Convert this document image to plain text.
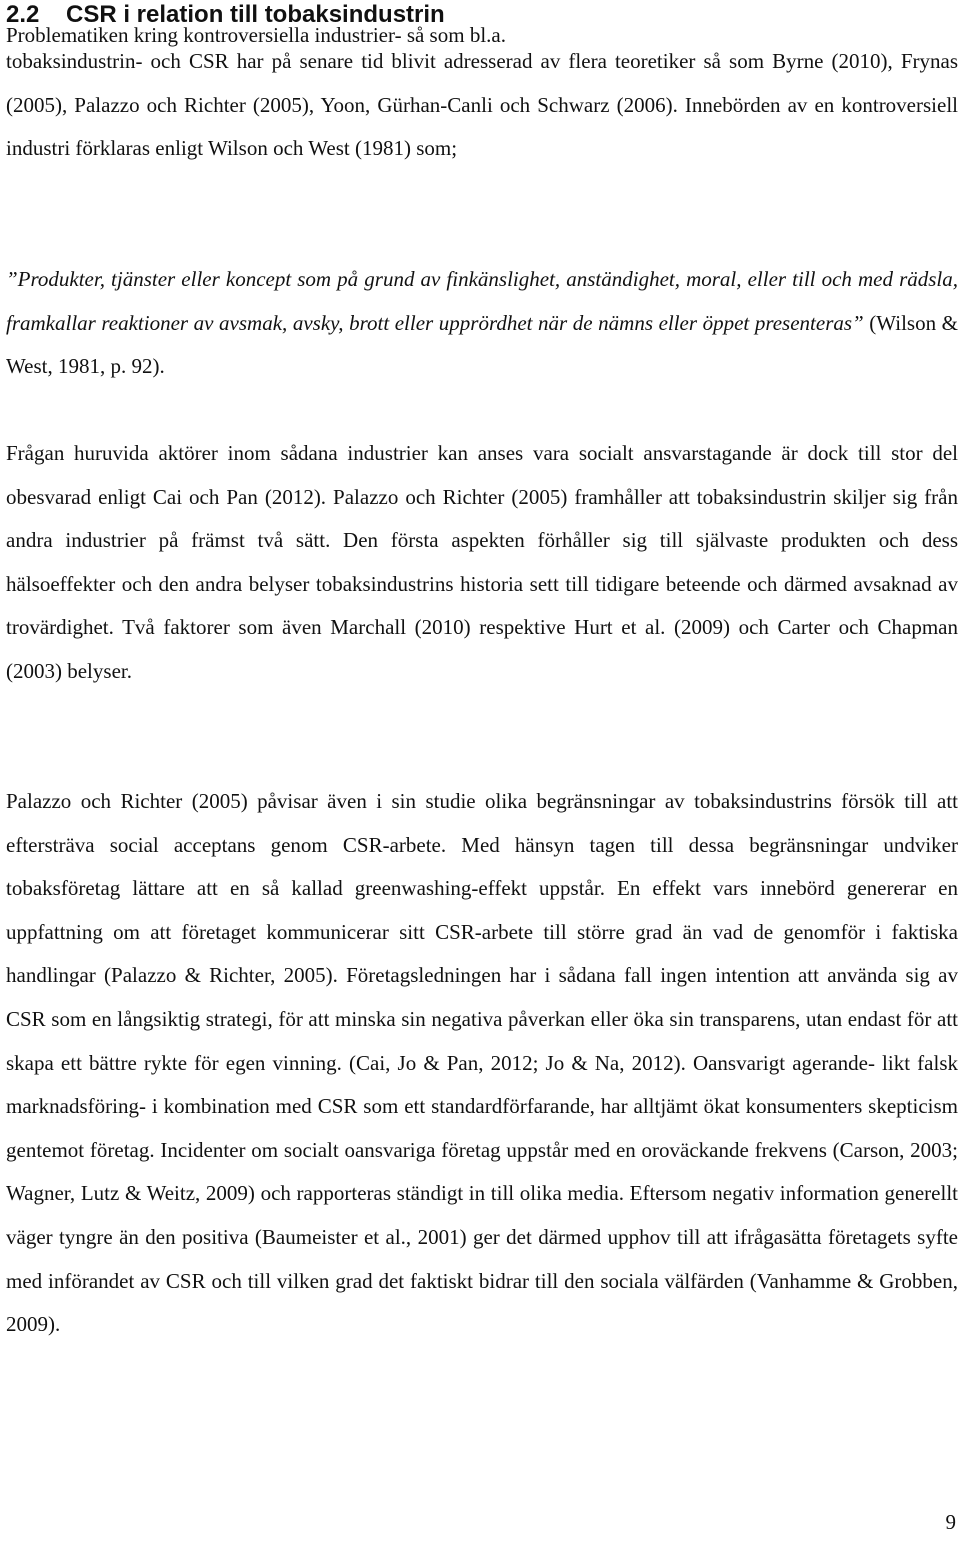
2.2 CSR i relation till tobaksindustrin

Problematiken kring kontroversiella industrier- så som bl.a.

tobaksindustrin- och CSR har på senare tid blivit adresserad av flera teoretiker så som Byrne (2010), Frynas (2005), Palazzo och Richter (2005), Yoon, Gürhan-Canli och Schwarz (2006). Innebörden av en kontroversiell industri förklaras enligt Wilson och West (1981) som;

”Produkter, tjänster eller koncept som på grund av finkänslighet, anständighet, moral, eller till och med rädsla, framkallar reaktioner av avsmak, avsky, brott eller upprördhet när de nämns eller öppet presenteras” (Wilson & West, 1981, p. 92).

Frågan huruvida aktörer inom sådana industrier kan anses vara socialt ansvarstagande är dock till stor del obesvarad enligt Cai och Pan (2012). Palazzo och Richter (2005) framhåller att tobaksindustrin skiljer sig från andra industrier på främst två sätt. Den första aspekten förhåller sig till självaste produkten och dess hälsoeffekter och den andra belyser tobaksindustrins historia sett till tidigare beteende och därmed avsaknad av trovärdighet. Två faktorer som även Marchall (2010) respektive Hurt et al. (2009) och Carter och Chapman (2003) belyser.

Palazzo och Richter (2005) påvisar även i sin studie olika begränsningar av tobaksindustrins försök till att eftersträva social acceptans genom CSR-arbete. Med hänsyn tagen till dessa begränsningar undviker tobaksföretag lättare att en så kallad greenwashing-effekt uppstår. En effekt vars innebörd genererar en uppfattning om att företaget kommunicerar sitt CSR-arbete till större grad än vad de genomför i faktiska handlingar (Palazzo & Richter, 2005). Företagsledningen har i sådana fall ingen intention att använda sig av CSR som en långsiktig strategi, för att minska sin negativa påverkan eller öka sin transparens, utan endast för att skapa ett bättre rykte för egen vinning. (Cai, Jo & Pan, 2012; Jo & Na, 2012). Oansvarigt agerande- likt falsk marknadsföring- i kombination med CSR som ett standardförfarande, har alltjämt ökat konsumenters skepticism gentemot företag. Incidenter om socialt oansvariga företag uppstår med en oroväckande frekvens (Carson, 2003; Wagner, Lutz & Weitz, 2009) och rapporteras ständigt in till olika media. Eftersom negativ information generellt väger tyngre än den positiva (Baumeister et al., 2001) ger det därmed upphov till att ifrågasätta företagets syfte med införandet av CSR och till vilken grad det faktiskt bidrar till den sociala välfärden (Vanhamme & Grobben, 2009).

9
